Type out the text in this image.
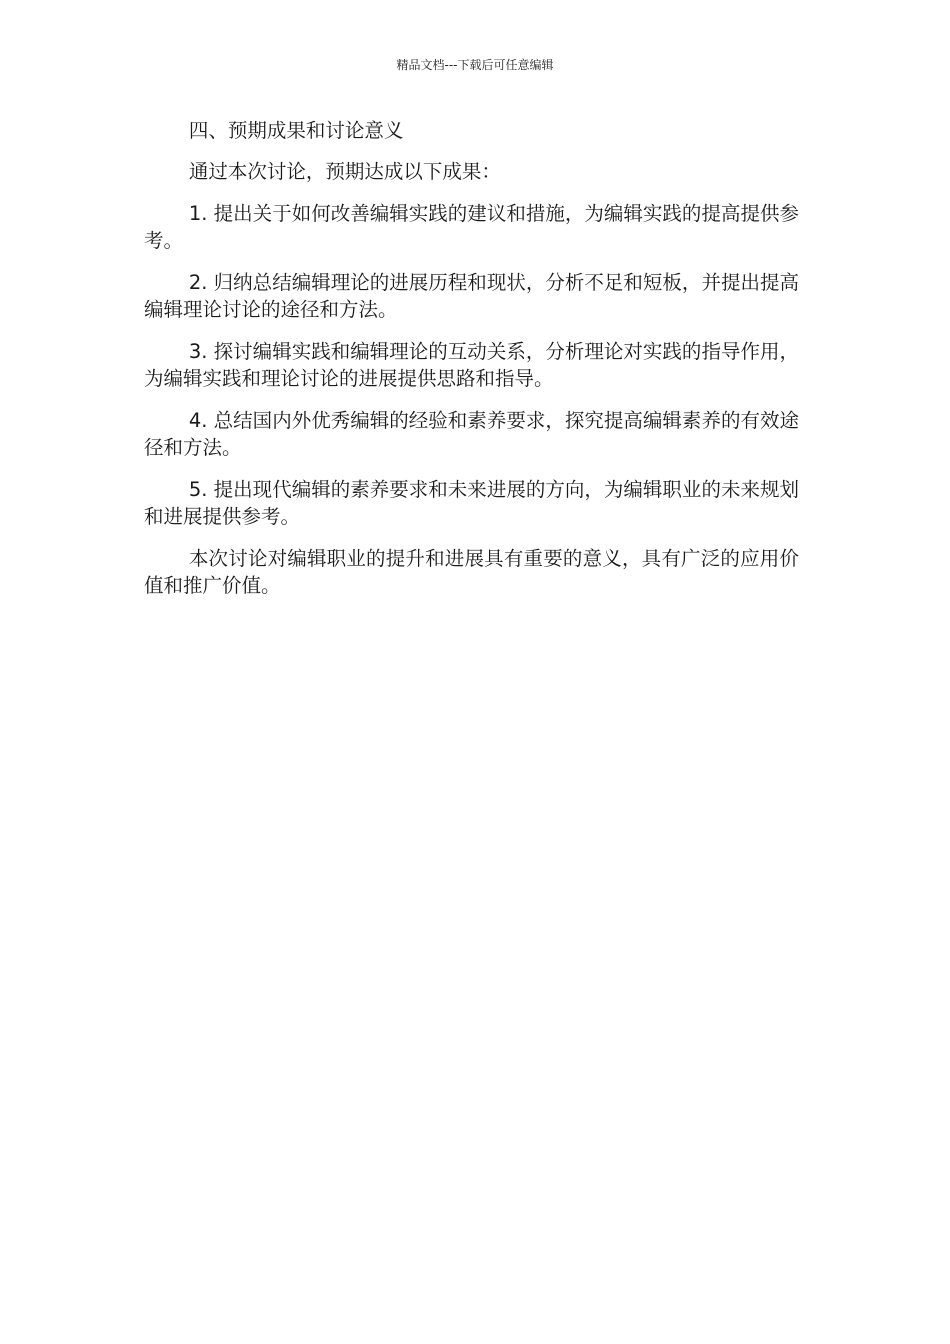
精品文档---下载后可任意编辑

四、预期成果和讨论意义

通过本次讨论，预期达成以下成果：

1. 提出关于如何改善编辑实践的建议和措施，为编辑实践的提高提供参考。

2. 归纳总结编辑理论的进展历程和现状，分析不足和短板，并提出提高编辑理论讨论的途径和方法。

3. 探讨编辑实践和编辑理论的互动关系，分析理论对实践的指导作用，为编辑实践和理论讨论的进展提供思路和指导。

4. 总结国内外优秀编辑的经验和素养要求，探究提高编辑素养的有效途径和方法。

5. 提出现代编辑的素养要求和未来进展的方向，为编辑职业的未来规划和进展提供参考。

本次讨论对编辑职业的提升和进展具有重要的意义，具有广泛的应用价值和推广价值。
